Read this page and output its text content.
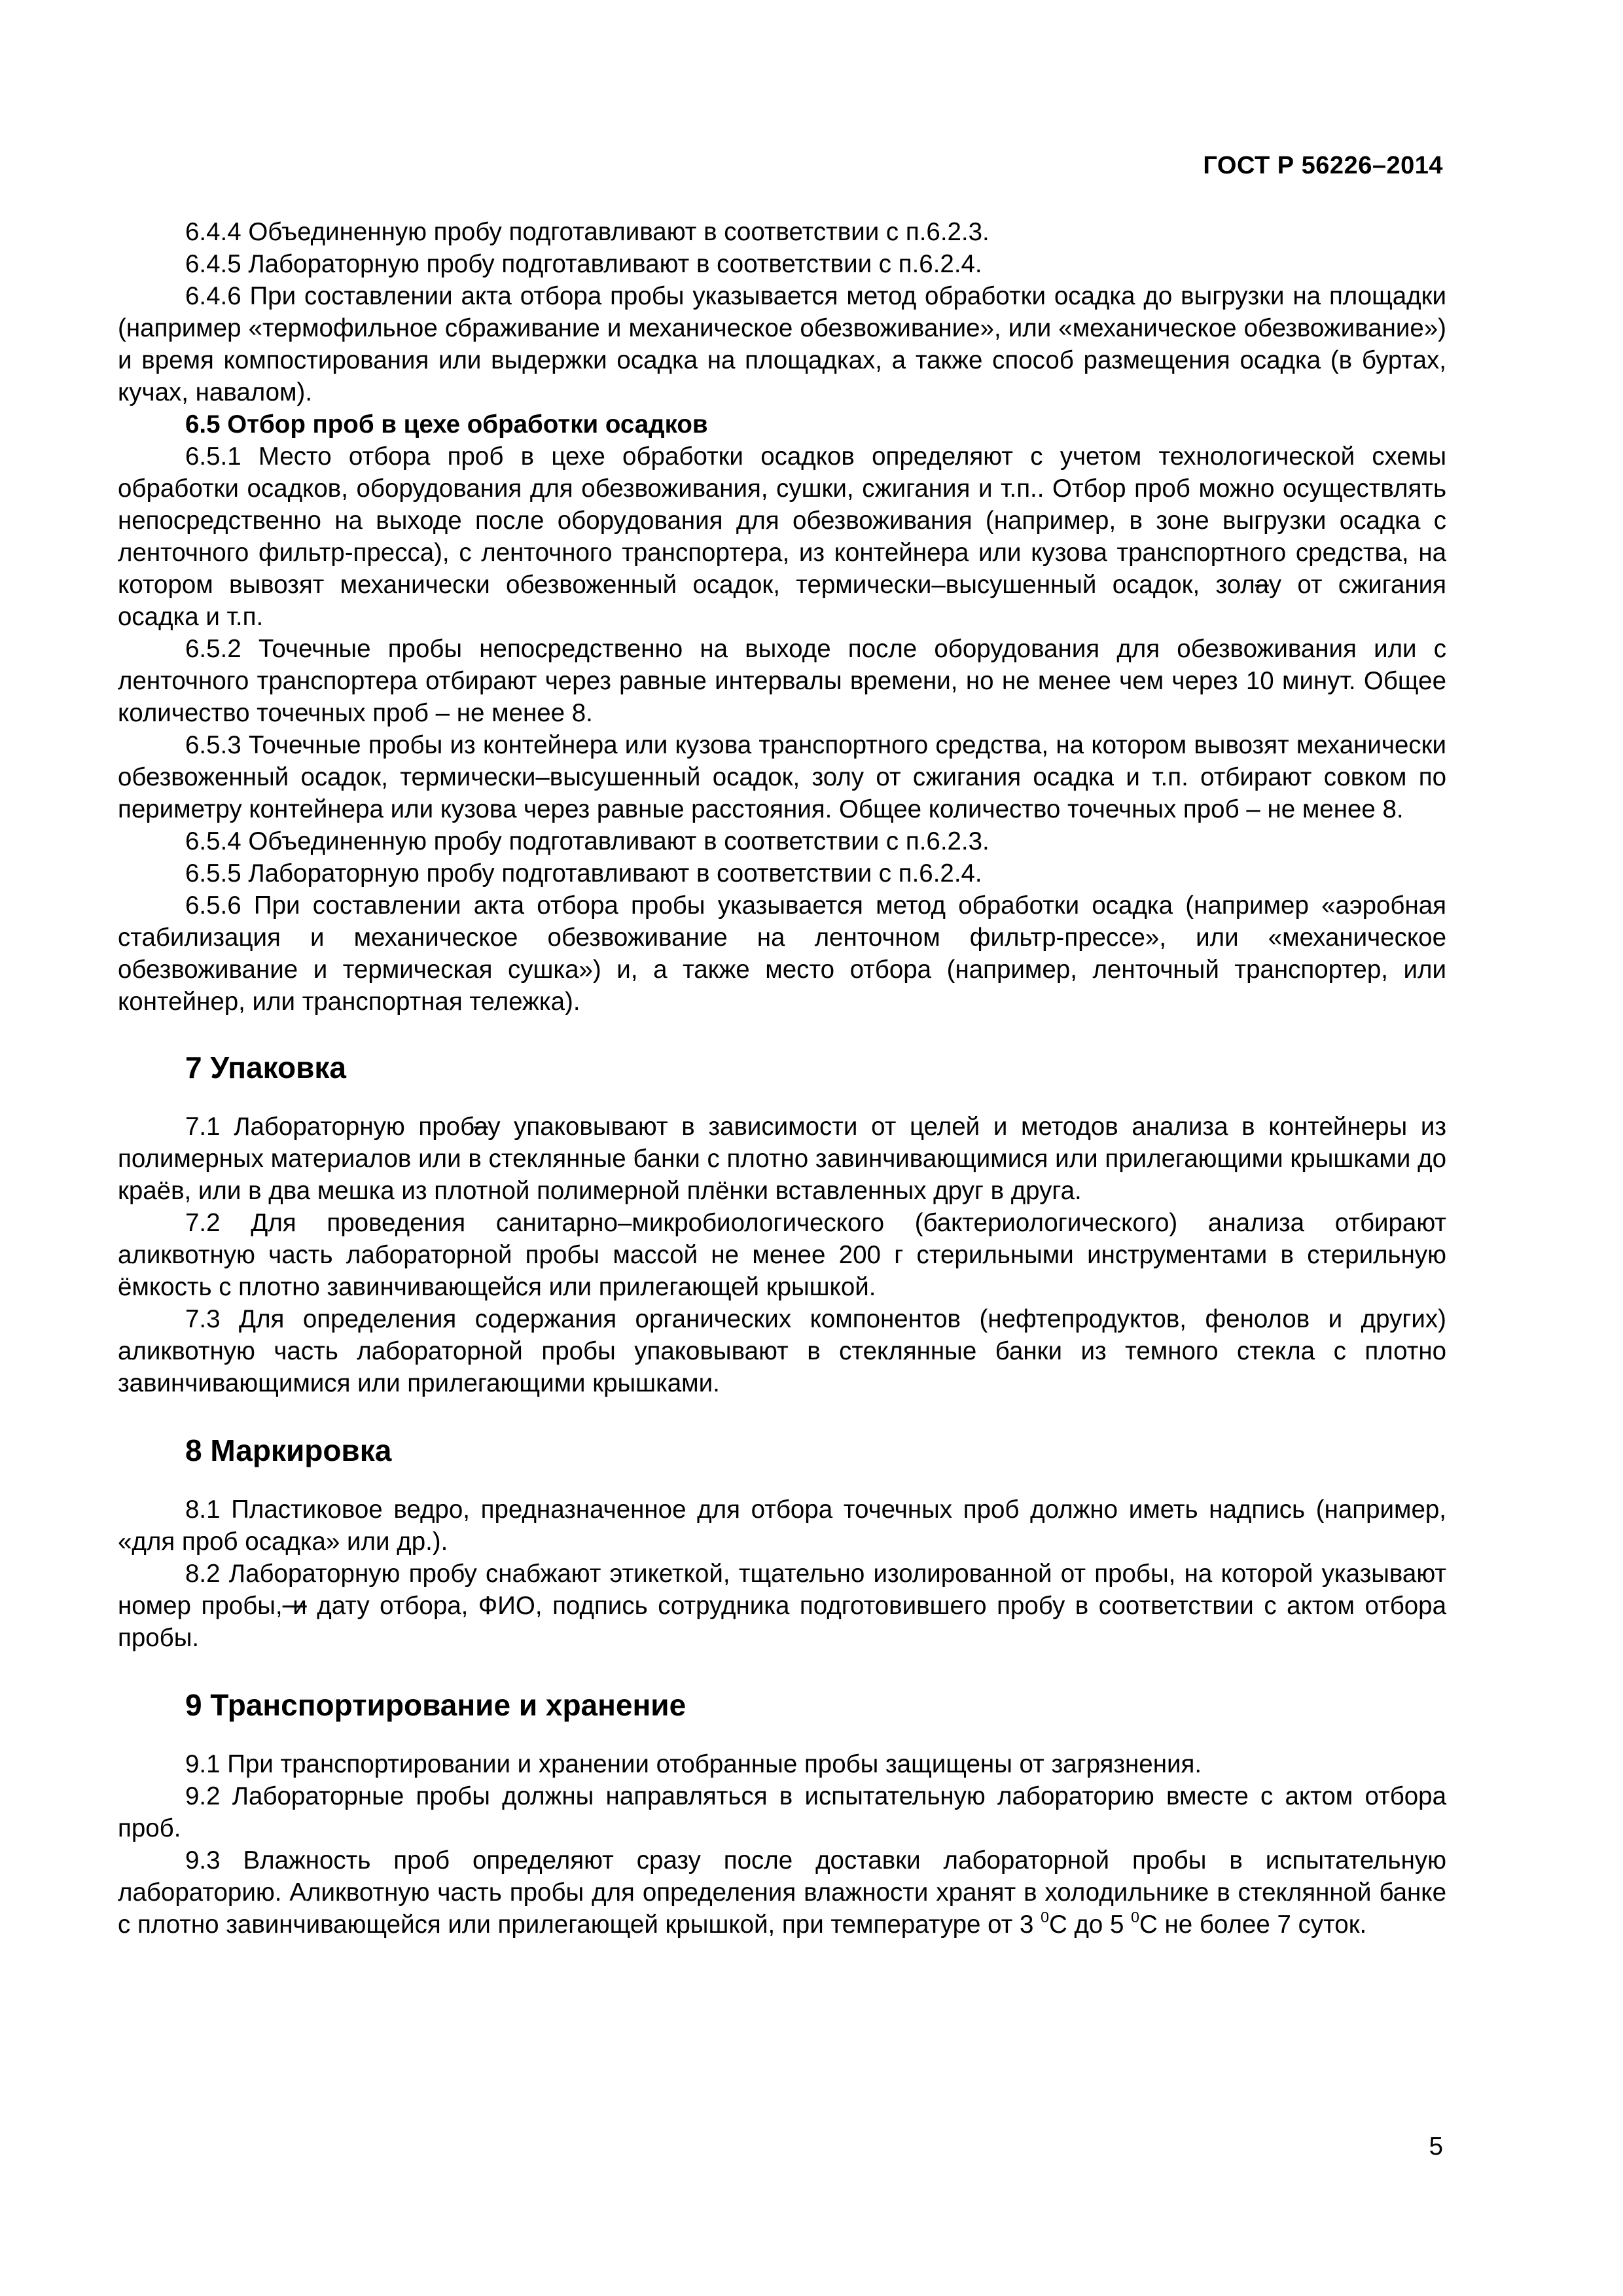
ГОСТ Р 56226–2014

6.4.4 Объединенную пробу подготавливают в соответствии с п.6.2.3.

6.4.5 Лабораторную пробу подготавливают в соответствии с п.6.2.4.

6.4.6 При составлении акта отбора пробы указывается метод обработки осадка до выгрузки на площадки (например «термофильное сбраживание и механическое обезвоживание», или «механическое обезвоживание») и время компостирования или выдержки осадка на площадках, а также способ размещения осадка (в буртах, кучах, навалом).

6.5 Отбор проб в цехе обработки осадков

6.5.1 Место отбора проб в цехе обработки осадков определяют с учетом технологической схемы обработки осадков, оборудования для обезвоживания, сушки, сжигания и т.п.. Отбор проб можно осуществлять непосредственно на выходе после оборудования для обезвоживания (например, в зоне выгрузки осадка с ленточного фильтр-пресса), с ленточного транспортера, из контейнера или кузова транспортного средства, на котором вывозят механически обезвоженный осадок, термически–высушенный осадок, золау от сжигания осадка и т.п.

6.5.2 Точечные пробы непосредственно на выходе после оборудования для обезвоживания или с ленточного транспортера отбирают через равные интервалы времени, но не менее чем через 10 минут. Общее количество точечных проб – не менее 8.

6.5.3 Точечные пробы из контейнера или кузова транспортного средства, на котором вывозят механически обезвоженный осадок, термически–высушенный осадок, золу от сжигания осадка и т.п. отбирают совком по периметру контейнера или кузова через равные расстояния. Общее количество точечных проб – не менее 8.

6.5.4 Объединенную пробу подготавливают в соответствии с п.6.2.3.

6.5.5 Лабораторную пробу подготавливают в соответствии с п.6.2.4.

6.5.6 При составлении акта отбора пробы указывается метод обработки осадка (например «аэробная стабилизация и механическое обезвоживание на ленточном фильтр-прессе», или «механическое обезвоживание и термическая сушка») и, а также место отбора (например, ленточный транспортер, или контейнер, или транспортная тележка).

7 Упаковка

7.1 Лабораторную пробау упаковывают в зависимости от целей и методов анализа в контейнеры из полимерных материалов или в стеклянные банки с плотно завинчивающимися или прилегающими крышками до краёв, или в два мешка из плотной полимерной плёнки вставленных друг в друга.

7.2 Для проведения санитарно–микробиологического (бактериологического) анализа отбирают аликвотную часть лабораторной пробы массой не менее 200 г стерильными инструментами в стерильную ёмкость с плотно завинчивающейся или прилегающей крышкой.

7.3 Для определения содержания органических компонентов (нефтепродуктов, фенолов и других) аликвотную часть лабораторной пробы упаковывают в стеклянные банки из темного стекла с плотно завинчивающимися или прилегающими крышками.

8 Маркировка

8.1 Пластиковое ведро, предназначенное для отбора точечных проб должно иметь надпись (например, «для проб осадка» или др.).

8.2 Лабораторную пробу снабжают этикеткой, тщательно изолированной от пробы, на которой указывают номер пробы, и дату отбора, ФИО, подпись сотрудника подготовившего пробу в соответствии с актом отбора пробы.

9 Транспортирование и хранение

9.1 При транспортировании и хранении отобранные пробы защищены от загрязнения.

9.2 Лабораторные пробы должны направляться в испытательную лабораторию вместе с актом отбора проб.

9.3 Влажность проб определяют сразу после доставки лабораторной пробы в испытательную лабораторию. Аликвотную часть пробы для определения влажности хранят в холодильнике в стеклянной банке с плотно завинчивающейся или прилегающей крышкой, при температуре от 3 $^0$С до 5 $^0$С не более 7 суток.

5
